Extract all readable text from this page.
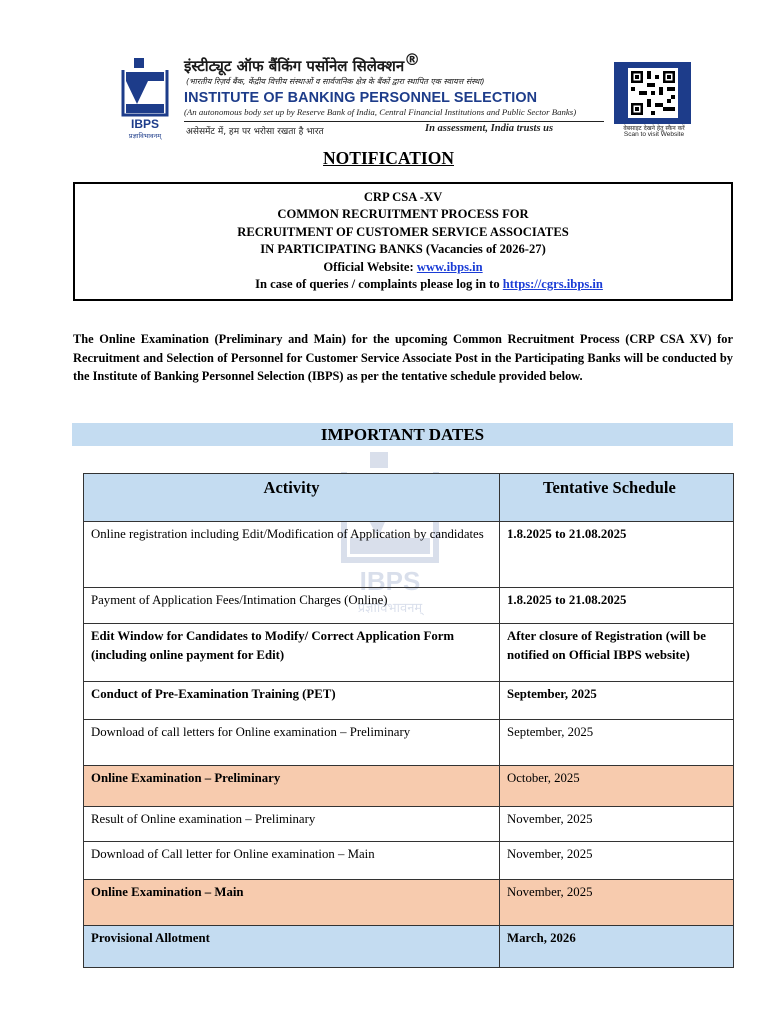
IBPS
प्रज्ञाविभावनम्
इंस्टीट्यूट ऑफ बैंकिंग पर्सोनेल सिलेक्शन®
(भारतीय रिज़र्व बैंक, केंद्रीय वित्तीय संस्थाओं व सार्वजनिक क्षेत्र के बैंकों द्वारा स्थापित एक स्वायत्त संस्था)
INSTITUTE OF BANKING PERSONNEL SELECTION
(An autonomous body set up by Reserve Bank of India, Central Financial Institutions and Public Sector Banks)
असेसमेंट में, हम पर भरोसा रखता है भारत	In assessment, India trusts us	वेबसाइट देखने हेतु स्कैन करें
Scan to visit Website
NOTIFICATION
CRP CSA -XV
COMMON RECRUITMENT PROCESS FOR
RECRUITMENT OF CUSTOMER SERVICE ASSOCIATES
IN PARTICIPATING BANKS (Vacancies of 2026-27)
Official Website: www.ibps.in
In case of queries / complaints please log in to https://cgrs.ibps.in
The Online Examination (Preliminary and Main) for the upcoming Common Recruitment Process (CRP CSA XV) for Recruitment and Selection of Personnel for Customer Service Associate Post in the Participating Banks will be conducted by the Institute of Banking Personnel Selection (IBPS) as per the tentative schedule provided below.
IMPORTANT DATES
IBPS
प्रज्ञाविभावनम्
Activity	Tentative Schedule
Online registration including Edit/Modification of Application by candidates	1.8.2025 to 21.08.2025
Payment of Application Fees/Intimation Charges (Online)	1.8.2025 to 21.08.2025
Edit Window for Candidates to Modify/ Correct Application Form (including online payment for Edit)	After closure of Registration (will be notified on Official IBPS website)
Conduct of Pre-Examination Training (PET)	September, 2025
Download of call letters for Online examination – Preliminary	September, 2025
Online Examination – Preliminary	October, 2025
Result of Online examination – Preliminary	November, 2025
Download of Call letter for Online examination – Main	November, 2025
Online Examination – Main	November, 2025
Provisional Allotment	March, 2026
